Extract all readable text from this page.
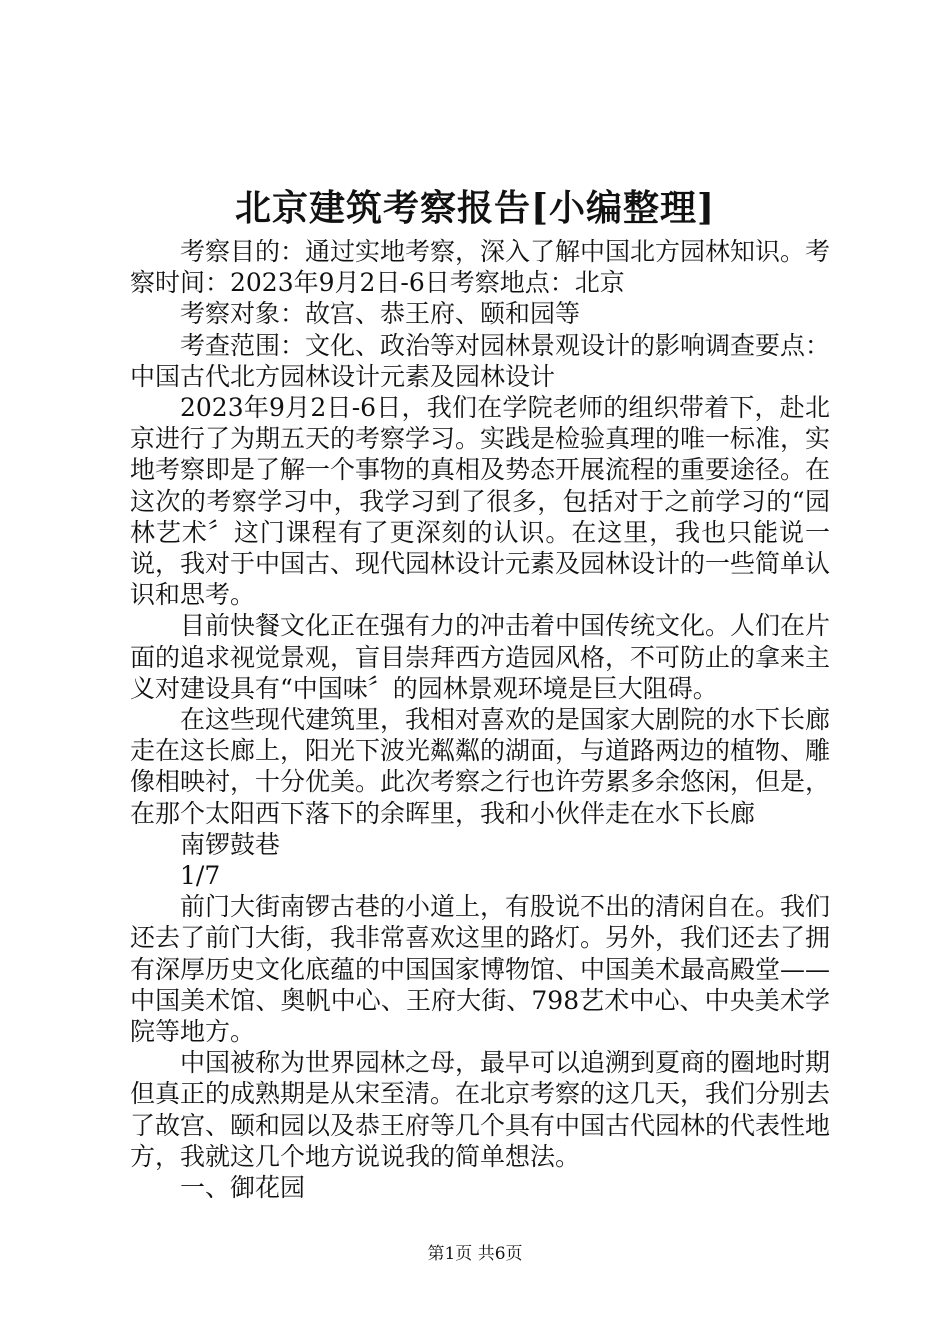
北京建筑考察报告[小编整理]

考察目的：通过实地考察，深入了解中国北方园林知识。考察时间：2023年9月2日-6日考察地点：北京

考察对象：故宫、恭王府、颐和园等

考查范围：文化、政治等对园林景观设计的影响调查要点：中国古代北方园林设计元素及园林设计

2023年9月2日-6日，我们在学院老师的组织带着下，赴北京进行了为期五天的考察学习。实践是检验真理的唯一标准，实地考察即是了解一个事物的真相及势态开展流程的重要途径。在这次的考察学习中，我学习到了很多，包括对于之前学习的“园林艺术〞这门课程有了更深刻的认识。在这里，我也只能说一说，我对于中国古、现代园林设计元素及园林设计的一些简单认识和思考。

目前快餐文化正在强有力的冲击着中国传统文化。人们在片面的追求视觉景观，盲目崇拜西方造园风格，不可防止的拿来主义对建设具有“中国味〞的园林景观环境是巨大阻碍。

在这些现代建筑里，我相对喜欢的是国家大剧院的水下长廊走在这长廊上，阳光下波光粼粼的湖面，与道路两边的植物、雕像相映衬，十分优美。此次考察之行也许劳累多余悠闲，但是，在那个太阳西下落下的余晖里，我和小伙伴走在水下长廊

南锣鼓巷

1/7

前门大街南锣古巷的小道上，有股说不出的清闲自在。我们还去了前门大街，我非常喜欢这里的路灯。另外，我们还去了拥有深厚历史文化底蕴的中国国家博物馆、中国美术最高殿堂——中国美术馆、奥帆中心、王府大街、798艺术中心、中央美术学院等地方。

中国被称为世界园林之母，最早可以追溯到夏商的圈地时期但真正的成熟期是从宋至清。在北京考察的这几天，我们分别去了故宫、颐和园以及恭王府等几个具有中国古代园林的代表性地方，我就这几个地方说说我的简单想法。

一、御花园

第1页 共6页
